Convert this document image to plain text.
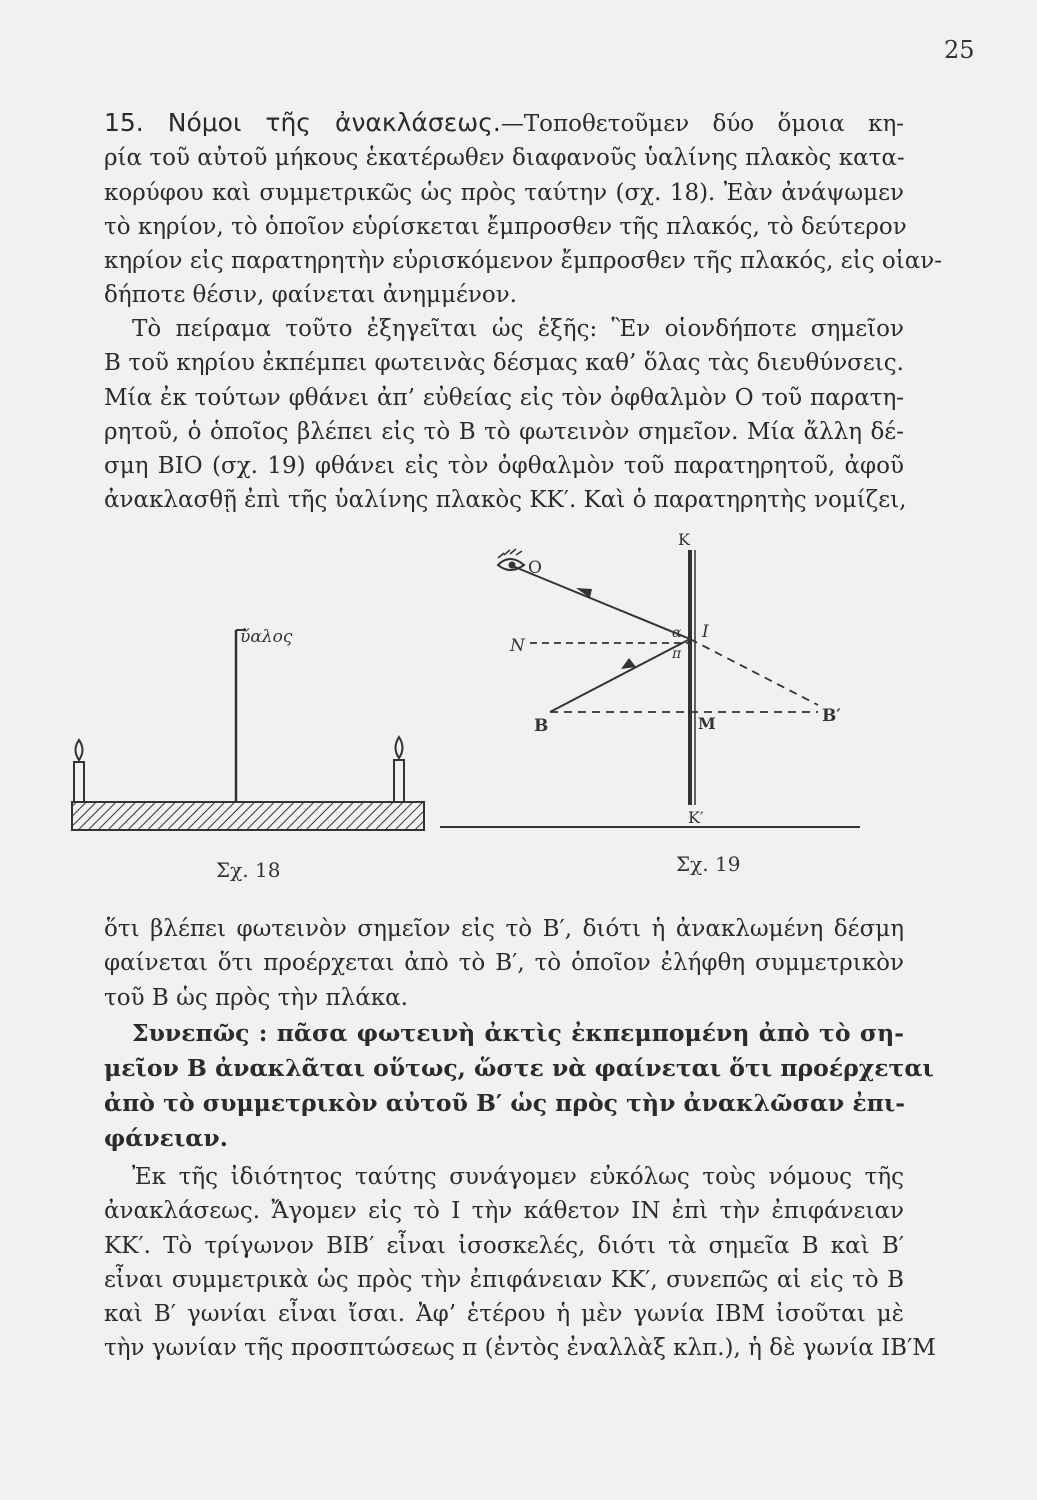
25
15. Νόμοι τῆς ἀνακλάσεως.—Τοποθετοῦμεν δύο ὅμοια κη-
ρία τοῦ αὐτοῦ μήκους ἑκατέρωθεν διαφανοῦς ὑαλίνης πλακὸς κατα-
κορύφου καὶ συμμετρικῶς ὡς πρὸς ταύτην (σχ. 18). Ἐὰν ἀνάψωμεν
τὸ κηρίον, τὸ ὁποῖον εὑρίσκεται ἔμπροσθεν τῆς πλακός, τὸ δεύτερον
κηρίον εἰς παρατηρητὴν εὑρισκόμενον ἔμπροσθεν τῆς πλακός, εἰς οἱαν-
δήποτε θέσιν, φαίνεται ἀνημμένον.
Τὸ πείραμα τοῦτο ἐξηγεῖται ὡς ἑξῆς: Ἓν οἱονδήποτε σημεῖον
Β τοῦ κηρίου ἐκπέμπει φωτεινὰς δέσμας καθ’ ὅλας τὰς διευθύνσεις.
Μία ἐκ τούτων φθάνει ἀπ’ εὐθείας εἰς τὸν ὀφθαλμὸν Ο τοῦ παρατη-
ρητοῦ, ὁ ὁποῖος βλέπει εἰς τὸ Β τὸ φωτεινὸν σημεῖον. Μία ἄλλη δέ-
σμη ΒΙΟ (σχ. 19) φθάνει εἰς τὸν ὀφθαλμὸν τοῦ παρατηρητοῦ, ἀφοῦ
ἀνακλασθῇ ἐπὶ τῆς ὑαλίνης πλακὸς ΚΚ′. Καὶ ὁ παρατηρητὴς νομίζει,
ὕαλος
Σχ. 18
Κ
Κ′
Ο
Ν
Ι
Β	Β′
Μ
α
π
Σχ. 19
ὅτι βλέπει φωτεινὸν σημεῖον εἰς τὸ Β′, διότι ἡ ἀνακλωμένη δέσμη
φαίνεται ὅτι προέρχεται ἀπὸ τὸ Β′, τὸ ὁποῖον ἐλήφθη συμμετρικὸν
τοῦ Β ὡς πρὸς τὴν πλάκα.
Συνεπῶς : πᾶσα φωτεινὴ ἀκτὶς ἐκπεμπομένη ἀπὸ τὸ ση-
μεῖον Β ἀνακλᾶται οὕτως, ὥστε νὰ φαίνεται ὅτι προέρχεται
ἀπὸ τὸ συμμετρικὸν αὐτοῦ Β′ ὡς πρὸς τὴν ἀνακλῶσαν ἐπι-
φάνειαν.
Ἐκ τῆς ἰδιότητος ταύτης συνάγομεν εὐκόλως τοὺς νόμους τῆς
ἀνακλάσεως. Ἄγομεν εἰς τὸ Ι τὴν κάθετον ΙΝ ἐπὶ τὴν ἐπιφάνειαν
ΚΚ′. Τὸ τρίγωνον ΒΙΒ′ εἶναι ἰσοσκελές, διότι τὰ σημεῖα Β καὶ Β′
εἶναι συμμετρικὰ ὡς πρὸς τὴν ἐπιφάνειαν ΚΚ′, συνεπῶς αἱ εἰς τὸ Β
καὶ Β′ γωνίαι εἶναι ἴσαι. Ἀφ’ ἑτέρου ἡ μὲν γωνία ΙΒΜ ἰσοῦται μὲ
τὴν γωνίαν τῆς προσπτώσεως π (ἐντὸς ἐναλλὰξ κλπ.), ἡ δὲ γωνία ΙΒ′Μ
